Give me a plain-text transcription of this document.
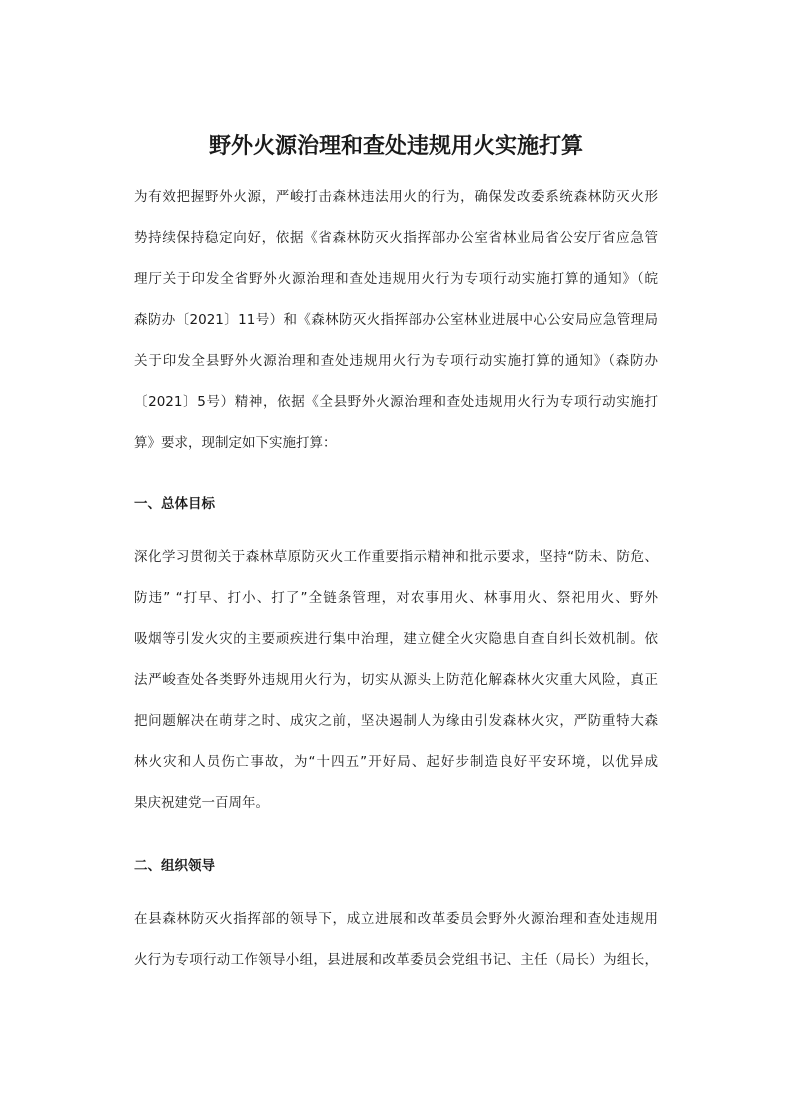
野外火源治理和查处违规用火实施打算

为有效把握野外火源，严峻打击森林违法用火的行为，确保发改委系统森林防灭火形
势持续保持稳定向好，依据《省森林防灭火指挥部办公室省林业局省公安厅省应急管
理厅关于印发全省野外火源治理和查处违规用火行为专项行动实施打算的通知》（皖
森防办〔2021〕11号）和《森林防灭火指挥部办公室林业进展中心公安局应急管理局
关于印发全县野外火源治理和查处违规用火行为专项行动实施打算的通知》（森防办
〔2021〕5号）精神，依据《全县野外火源治理和查处违规用火行为专项行动实施打
算》要求，现制定如下实施打算：

一、总体目标

深化学习贯彻关于森林草原防灭火工作重要指示精神和批示要求，坚持“防未、防危、
防违” “打早、打小、打了”全链条管理，对农事用火、林事用火、祭祀用火、野外
吸烟等引发火灾的主要顽疾进行集中治理，建立健全火灾隐患自查自纠长效机制。依
法严峻查处各类野外违规用火行为，切实从源头上防范化解森林火灾重大风险，真正
把问题解决在萌芽之时、成灾之前，坚决遏制人为缘由引发森林火灾，严防重特大森
林火灾和人员伤亡事故，为“十四五”开好局、起好步制造良好平安环境，以优异成
果庆祝建党一百周年。

二、组织领导

在县森林防灭火指挥部的领导下，成立进展和改革委员会野外火源治理和查处违规用
火行为专项行动工作领导小组，县进展和改革委员会党组书记、主任（局长）为组长，
